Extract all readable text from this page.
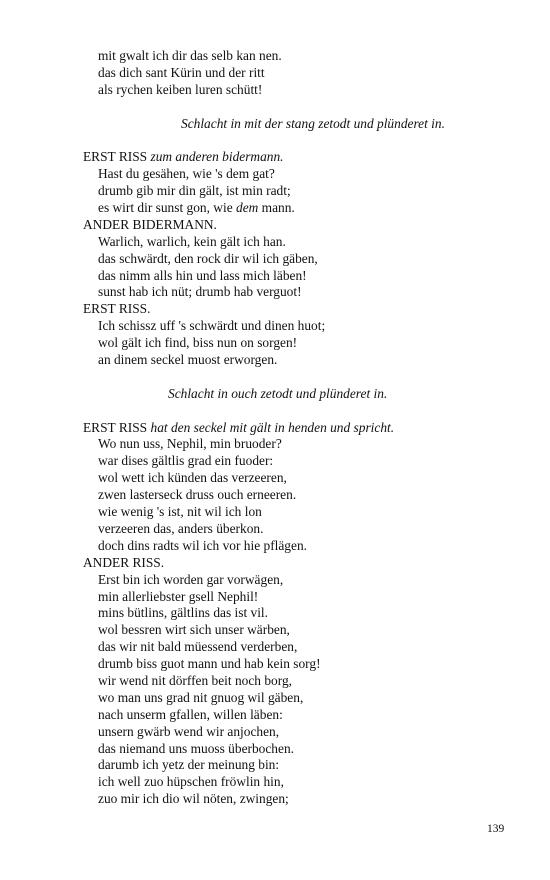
mit gwalt ich dir das selb kan nen.
das dich sant Kürin und der ritt
als rychen keiben luren schütt!
Schlacht in mit der stang zetodt und plünderet in.
ERST RISS zum anderen bidermann.
Hast du gesähen, wie 's dem gat?
drumb gib mir din gält, ist min radt;
es wirt dir sunst gon, wie dem mann.
ANDER BIDERMANN.
Warlich, warlich, kein gält ich han.
das schwärdt, den rock dir wil ich gäben,
das nimm alls hin und lass mich läben!
sunst hab ich nüt; drumb hab verguot!
ERST RISS.
Ich schissz uff 's schwärdt und dinen huot;
wol gält ich find, biss nun on sorgen!
an dinem seckel muost erworgen.
Schlacht in ouch zetodt und plünderet in.
ERST RISS hat den seckel mit gält in henden und spricht.
Wo nun uss, Nephil, min bruoder?
war dises gältlis grad ein fuoder:
wol wett ich künden das verzeeren,
zwen lasterseck druss ouch erneeren.
wie wenig 's ist, nit wil ich lon
verzeeren das, anders überkon.
doch dins radts wil ich vor hie pflägen.
ANDER RISS.
Erst bin ich worden gar vorwägen,
min allerliebster gsell Nephil!
mins bütlins, gältlins das ist vil.
wol bessren wirt sich unser wärben,
das wir nit bald müessend verderben,
drumb biss guot mann und hab kein sorg!
wir wend nit dörffen beit noch borg,
wo man uns grad nit gnuog wil gäben,
nach unserm gfallen, willen läben:
unsern gwärb wend wir anjochen,
das niemand uns muoss überbochen.
darumb ich yetz der meinung bin:
ich well zuo hüpschen fröwlin hin,
zuo mir ich dio wil nöten, zwingen;
139
